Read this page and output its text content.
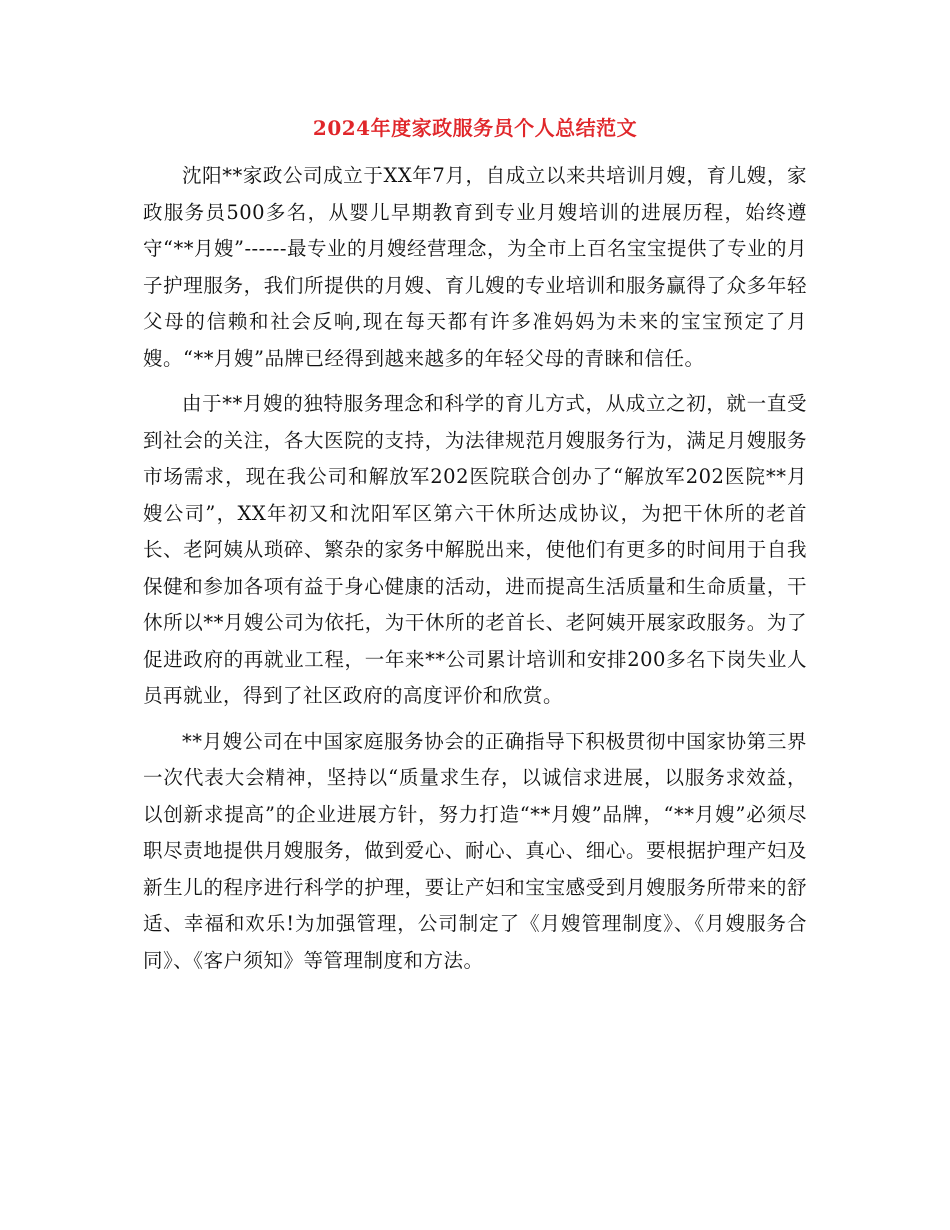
2024年度家政服务员个人总结范文

沈阳**家政公司成立于XX年7月，自成立以来共培训月嫂，育儿嫂，家政服务员500多名，从婴儿早期教育到专业月嫂培训的进展历程，始终遵守“**月嫂”------最专业的月嫂经营理念，为全市上百名宝宝提供了专业的月子护理服务，我们所提供的月嫂、育儿嫂的专业培训和服务赢得了众多年轻父母的信赖和社会反响,现在每天都有许多准妈妈为未来的宝宝预定了月嫂。“**月嫂”品牌已经得到越来越多的年轻父母的青睐和信任。

由于**月嫂的独特服务理念和科学的育儿方式，从成立之初，就一直受到社会的关注，各大医院的支持，为法律规范月嫂服务行为，满足月嫂服务市场需求，现在我公司和解放军202医院联合创办了“解放军202医院**月嫂公司”，XX年初又和沈阳军区第六干休所达成协议，为把干休所的老首长、老阿姨从琐碎、繁杂的家务中解脱出来，使他们有更多的时间用于自我保健和参加各项有益于身心健康的活动，进而提高生活质量和生命质量，干休所以**月嫂公司为依托，为干休所的老首长、老阿姨开展家政服务。为了促进政府的再就业工程，一年来**公司累计培训和安排200多名下岗失业人员再就业，得到了社区政府的高度评价和欣赏。

**月嫂公司在中国家庭服务协会的正确指导下积极贯彻中国家协第三界一次代表大会精神，坚持以“质量求生存，以诚信求进展，以服务求效益，以创新求提高”的企业进展方针，努力打造“**月嫂”品牌，“**月嫂”必须尽职尽责地提供月嫂服务，做到爱心、耐心、真心、细心。要根据护理产妇及新生儿的程序进行科学的护理，要让产妇和宝宝感受到月嫂服务所带来的舒适、幸福和欢乐!为加强管理，公司制定了《月嫂管理制度》、《月嫂服务合同》、《客户须知》等管理制度和方法。
